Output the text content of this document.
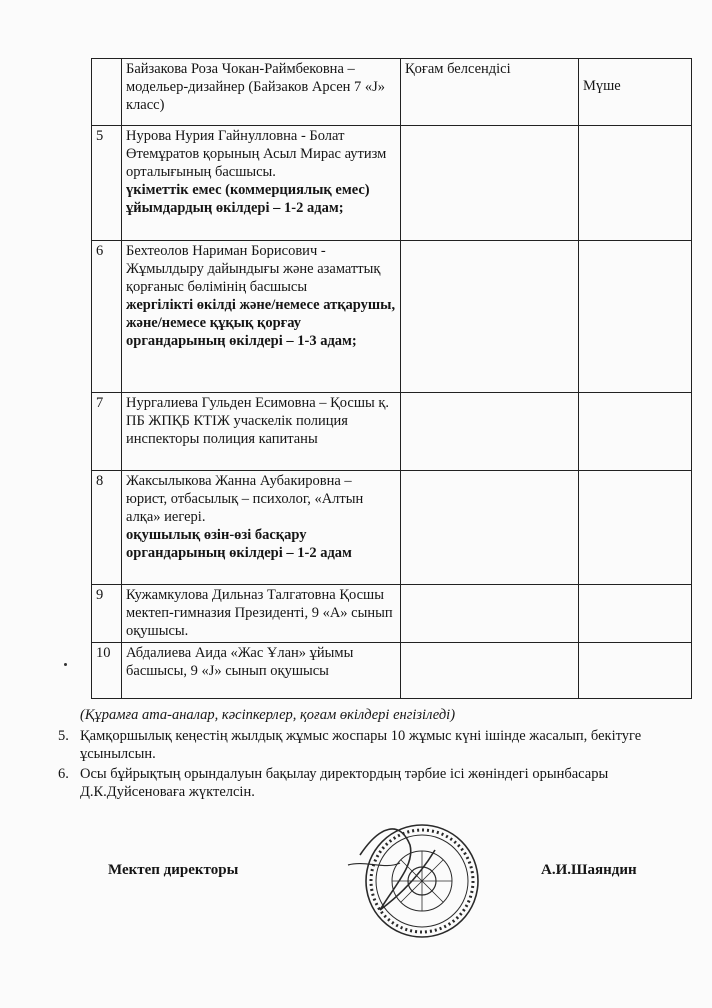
	Байзакова Роза Чокан-Раймбековна – модельер-дизайнер (Байзаков Арсен 7 «J» класс)	Қоғам белсендісі	Мүше
5	Нурова Нурия Гайнулловна - Болат Өтемұратов қорының Асыл Мирас аутизм орталығының басшысы.
үкіметтік емес (коммерциялық емес) ұйымдардың өкілдері – 1-2 адам;		

6	Бехтеолов Нариман Борисович - Жұмылдыру дайындығы және азаматтық қорғаныс бөлімінің басшысы
жергілікті өкілді және/немесе атқарушы, және/немесе құқық қорғау органдарының өкілдері – 1-3 адам;		

7	Нургалиева Гульден Есимовна – Қосшы қ. ПБ ЖПҚБ КТІЖ учаскелік полиция инспекторы полиция капитаны		

8	Жаксылыкова Жанна Аубакировна – юрист, отбасылық – психолог, «Алтын алқа» иегері.
оқушылық өзін-өзі басқару органдарының өкілдері – 1-2 адам		

9	Кужамкулова Дильназ Талгатовна Қосшы мектеп-гимназия Президенті, 9 «А» сынып оқушысы.		

10	Абдалиева Аида «Жас Ұлан» ұйымы басшысы, 9 «J» сынып оқушысы		

(Құрамға ата-аналар, кәсіпкерлер, қоғам өкілдері енгізіледі)
5. Қамқоршылық кеңестің жылдық жұмыс жоспары 10 жұмыс күні ішінде жасалып, бекітуге ұсынылсын.
6. Осы бұйрықтың орындалуын бақылау директордың тәрбие ісі жөніндегі орынбасары Д.К.Дуйсеноваға жүктелсін.
Мектеп директоры	А.И.Шаяндин
